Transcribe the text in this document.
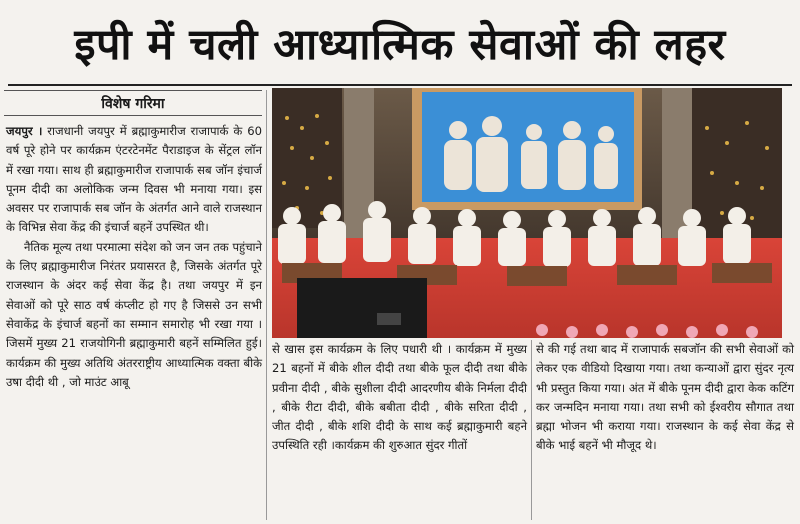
इपी में चली आध्यात्मिक सेवाओं की लहर
विशेष गरिमा

जयपुर । राजधानी जयपुर में ब्रह्माकुमारीज राजापार्क के 60 वर्ष पूरे होने पर कार्यक्रम एंटरटेनमेंट पैराडाइज के सेंट्रल लॉन में रखा गया। साथ ही ब्रह्माकुमारीज राजापार्क सब जॉन इंचार्ज पूनम दीदी का अलोकिक जन्म दिवस भी मनाया गया। इस अवसर पर राजापार्क सब जॉन के अंतर्गत आने वाले राजस्थान के विभिन्न सेवा केंद्र की इंचार्ज बहनें उपस्थित थी।

नैतिक मूल्य तथा परमात्मा संदेश को जन जन तक पहुंचाने के लिए ब्रह्माकुमारीज निरंतर प्रयासरत है, जिसके अंतर्गत पूरे राजस्थान के अंदर कई सेवा केंद्र है। तथा जयपुर में इन सेवाओं को पूरे साठ वर्ष कंप्लीट हो गए है जिससे उन सभी सेवाकेंद्र के इंचार्ज बहनों का सम्मान समारोह भी रखा गया । जिसमें मुख्य 21 राजयोगिनी ब्रह्माकुमारी बहनें सम्मिलित हुई। कार्यक्रम की मुख्य अतिथि अंतरराष्ट्रीय आध्यात्मिक वक्ता बीके उषा दीदी थी , जो माउंट आबू

से खास इस कार्यक्रम के लिए पधारी थी । कार्यक्रम में मुख्य 21 बहनों में बीके शील दीदी तथा बीके फूल दीदी तथा बीके प्रवीना दीदी , बीके सुशीला दीदी आदरणीय बीके निर्मला दीदी , बीके रीटा दीदी, बीके बबीता दीदी , बीके सरिता दीदी , जीत दीदी , बीके शशि दीदी के साथ कई ब्रह्माकुमारी बहने उपस्थिति रही ।कार्यक्रम की शुरुआत सुंदर गीतों
से की गई तथा बाद में राजापार्क सबजॉन की सभी सेवाओं को लेकर एक वीडियो दिखाया गया। तथा कन्याओं द्वारा सुंदर नृत्य भी प्रस्तुत किया गया। अंत में बीके पूनम दीदी द्वारा केक कटिंग कर जन्मदिन मनाया गया। तथा सभी को ईश्वरीय सौगात तथा ब्रह्मा भोजन भी कराया गया। राजस्थान के कई सेवा केंद्र से बीके भाई बहनें भी मौजूद थे।
